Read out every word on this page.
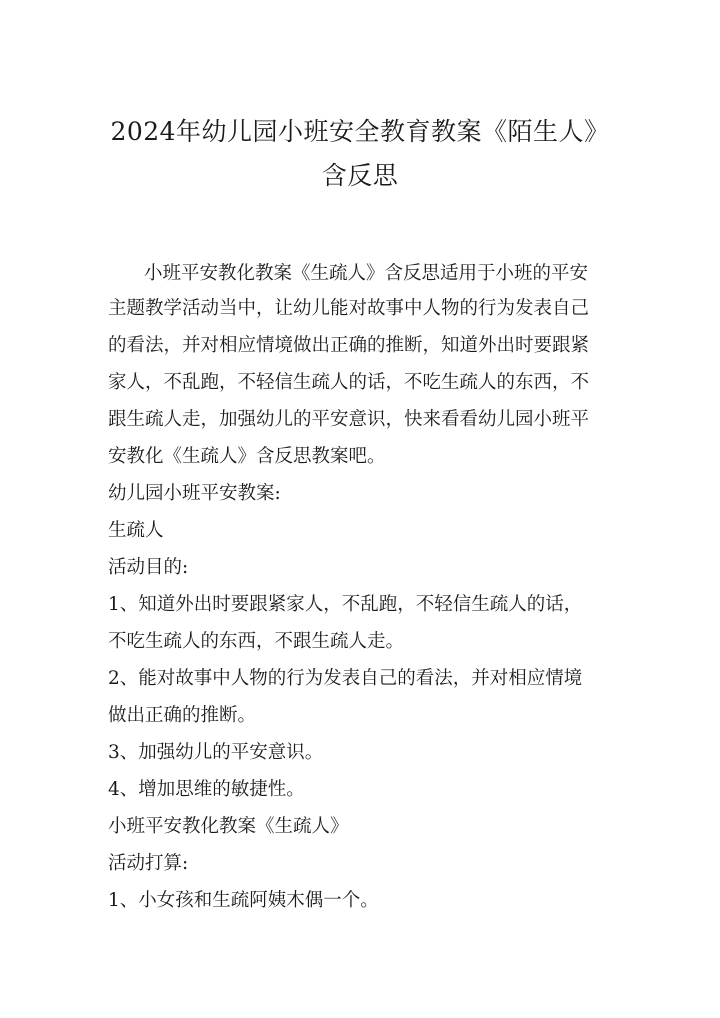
2024年幼儿园小班安全教育教案《陌生人》
含反思

小班平安教化教案《生疏人》含反思适用于小班的平安

主题教学活动当中，让幼儿能对故事中人物的行为发表自己

的看法，并对相应情境做出正确的推断，知道外出时要跟紧

家人，不乱跑，不轻信生疏人的话，不吃生疏人的东西，不

跟生疏人走，加强幼儿的平安意识，快来看看幼儿园小班平

安教化《生疏人》含反思教案吧。

幼儿园小班平安教案:

生疏人

活动目的:

1、知道外出时要跟紧家人，不乱跑，不轻信生疏人的话，

不吃生疏人的东西，不跟生疏人走。

2、能对故事中人物的行为发表自己的看法，并对相应情境

做出正确的推断。

3、加强幼儿的平安意识。

4、增加思维的敏捷性。

小班平安教化教案《生疏人》

活动打算:

1、小女孩和生疏阿姨木偶一个。
